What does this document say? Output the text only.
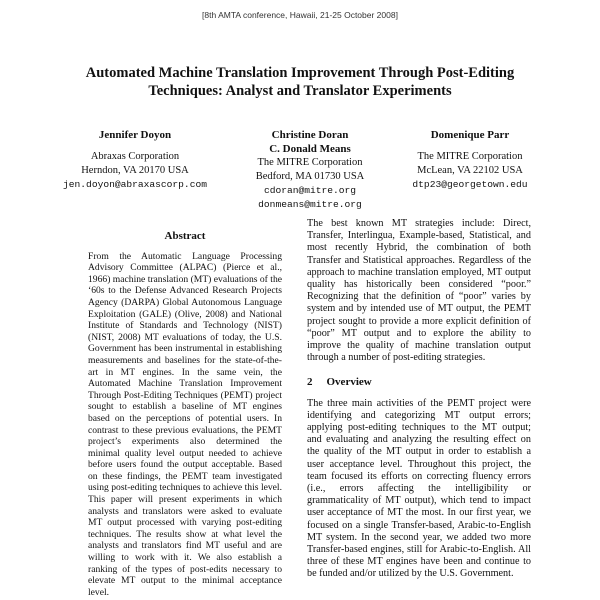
[8th AMTA conference, Hawaii, 21-25 October 2008]
Automated Machine Translation Improvement Through Post-Editing
Techniques: Analyst and Translator Experiments
Jennifer Doyon
Abraxas Corporation
Herndon, VA 20170 USA
jen.doyon@abraxascorp.com
Christine Doran
C. Donald Means
The MITRE Corporation
Bedford, MA 01730 USA
cdoran@mitre.org
donmeans@mitre.org
Domenique Parr
The MITRE Corporation
McLean, VA 22102 USA
dtp23@georgetown.edu
Abstract

From the Automatic Language Processing Advisory Committee (ALPAC) (Pierce et al., 1966) machine translation (MT) evaluations of the ‘60s to the Defense Advanced Research Projects Agency (DARPA) Global Autonomous Language Exploitation (GALE) (Olive, 2008) and National Institute of Standards and Technology (NIST) (NIST, 2008) MT evaluations of today, the U.S. Government has been instrumental in establishing measurements and baselines for the state-of-the-art in MT engines. In the same vein, the Automated Machine Translation Improvement Through Post-Editing Techniques (PEMT) project sought to establish a baseline of MT engines based on the perceptions of potential users. In contrast to these previous evaluations, the PEMT project’s experiments also determined the minimal quality level output needed to achieve before users found the output acceptable. Based on these findings, the PEMT team investigated using post-editing techniques to achieve this level. This paper will present experiments in which analysts and translators were asked to evaluate MT output processed with varying post-editing techniques. The results show at what level the analysts and translators find MT useful and are willing to work with it. We also establish a ranking of the types of post-edits necessary to elevate MT output to the minimal acceptance level.

The best known MT strategies include: Direct, Transfer, Interlingua, Example-based, Statistical, and most recently Hybrid, the combination of both Transfer and Statistical approaches. Regardless of the approach to machine translation employed, MT output quality has historically been considered “poor.” Recognizing that the definition of “poor” varies by system and by intended use of MT output, the PEMT project sought to provide a more explicit definition of “poor” MT output and to explore the ability to improve the quality of machine translation output through a number of post-editing strategies.

2 Overview

The three main activities of the PEMT project were identifying and categorizing MT output errors; applying post-editing techniques to the MT output; and evaluating and analyzing the resulting effect on the quality of the MT output in order to establish a user acceptance level. Throughout this project, the team focused its efforts on correcting fluency errors (i.e., errors affecting the intelligibility or grammaticality of MT output), which tend to impact user acceptance of MT the most. In our first year, we focused on a single Transfer-based, Arabic-to-English MT system. In the second year, we added two more Transfer-based engines, still for Arabic-to-English. All three of these MT engines have been and continue to be funded and/or utilized by the U.S. Government.
